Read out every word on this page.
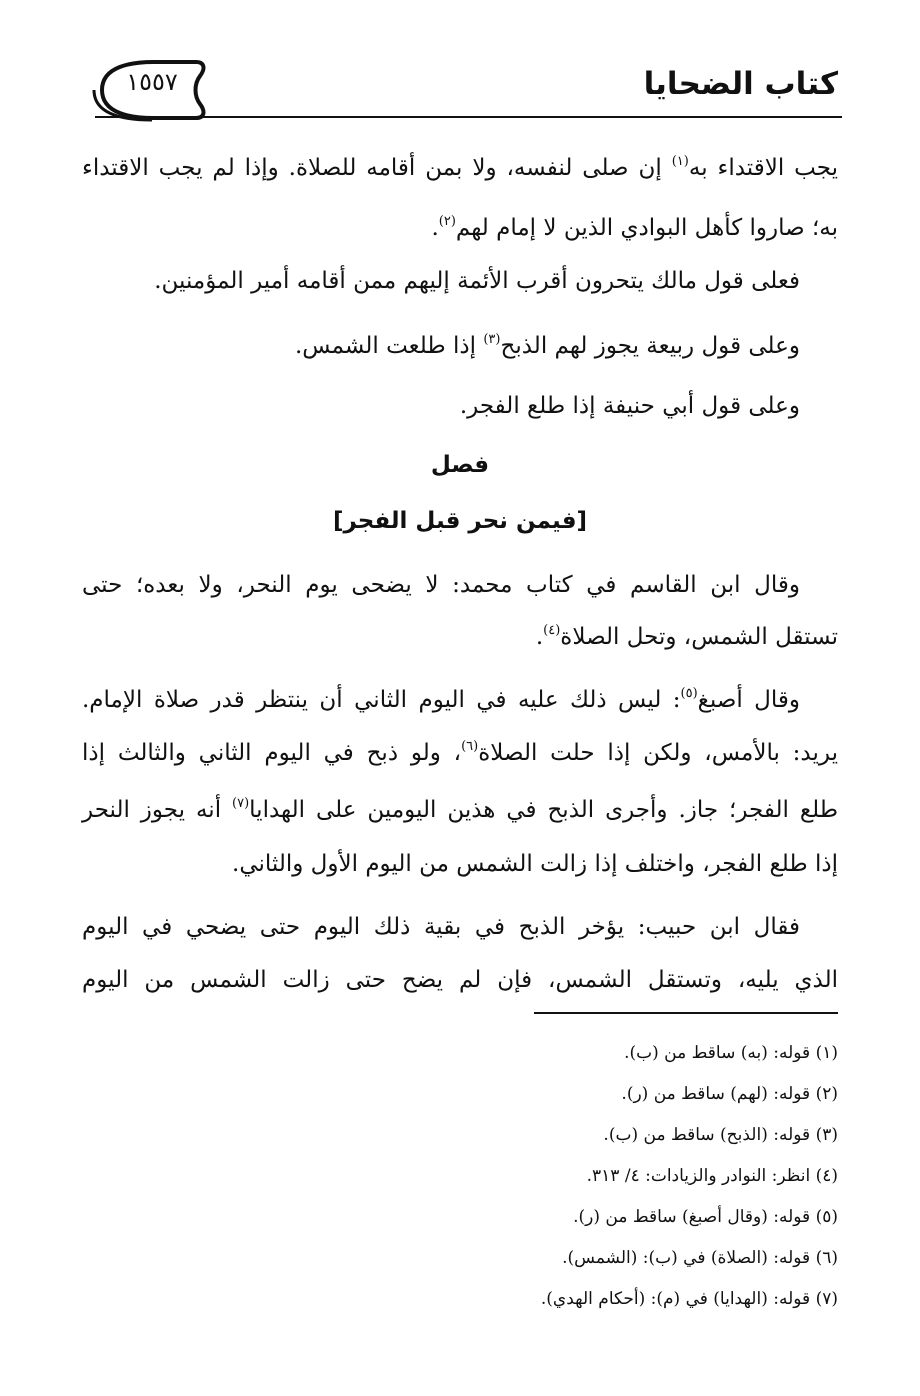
كتاب الضحايا
١٥٥٧
يجب الاقتداء به$^{(١)}$ إن صلى لنفسه، ولا بمن أقامه للصلاة. وإذا لم يجب الاقتداء
به؛ صاروا كأهل البوادي الذين لا إمام لهم$^{(٢)}$.
فعلى قول مالك يتحرون أقرب الأئمة إليهم ممن أقامه أمير المؤمنين.
وعلى قول ربيعة يجوز لهم الذبح$^{(٣)}$ إذا طلعت الشمس.
وعلى قول أبي حنيفة إذا طلع الفجر.
فصل
[فيمن نحر قبل الفجر]
وقال ابن القاسم في كتاب محمد: لا يضحى يوم النحر، ولا بعده؛ حتى
تستقل الشمس، وتحل الصلاة$^{(٤)}$.
وقال أصبغ$^{(٥)}$: ليس ذلك عليه في اليوم الثاني أن ينتظر قدر صلاة الإمام.
يريد: بالأمس، ولكن إذا حلت الصلاة$^{(٦)}$، ولو ذبح في اليوم الثاني والثالث إذا
طلع الفجر؛ جاز. وأجرى الذبح في هذين اليومين على الهدايا$^{(٧)}$ أنه يجوز النحر
إذا طلع الفجر، واختلف إذا زالت الشمس من اليوم الأول والثاني.
فقال ابن حبيب: يؤخر الذبح في بقية ذلك اليوم حتى يضحي في اليوم
الذي يليه، وتستقل الشمس، فإن لم يضح حتى زالت الشمس من اليوم
(١) قوله: (به) ساقط من (ب).
(٢) قوله: (لهم) ساقط من (ر).
(٣) قوله: (الذبح) ساقط من (ب).
(٤) انظر: النوادر والزيادات: ٤/ ٣١٣.
(٥) قوله: (وقال أصبغ) ساقط من (ر).
(٦) قوله: (الصلاة) في (ب): (الشمس).
(٧) قوله: (الهدايا) في (م): (أحكام الهدي).
